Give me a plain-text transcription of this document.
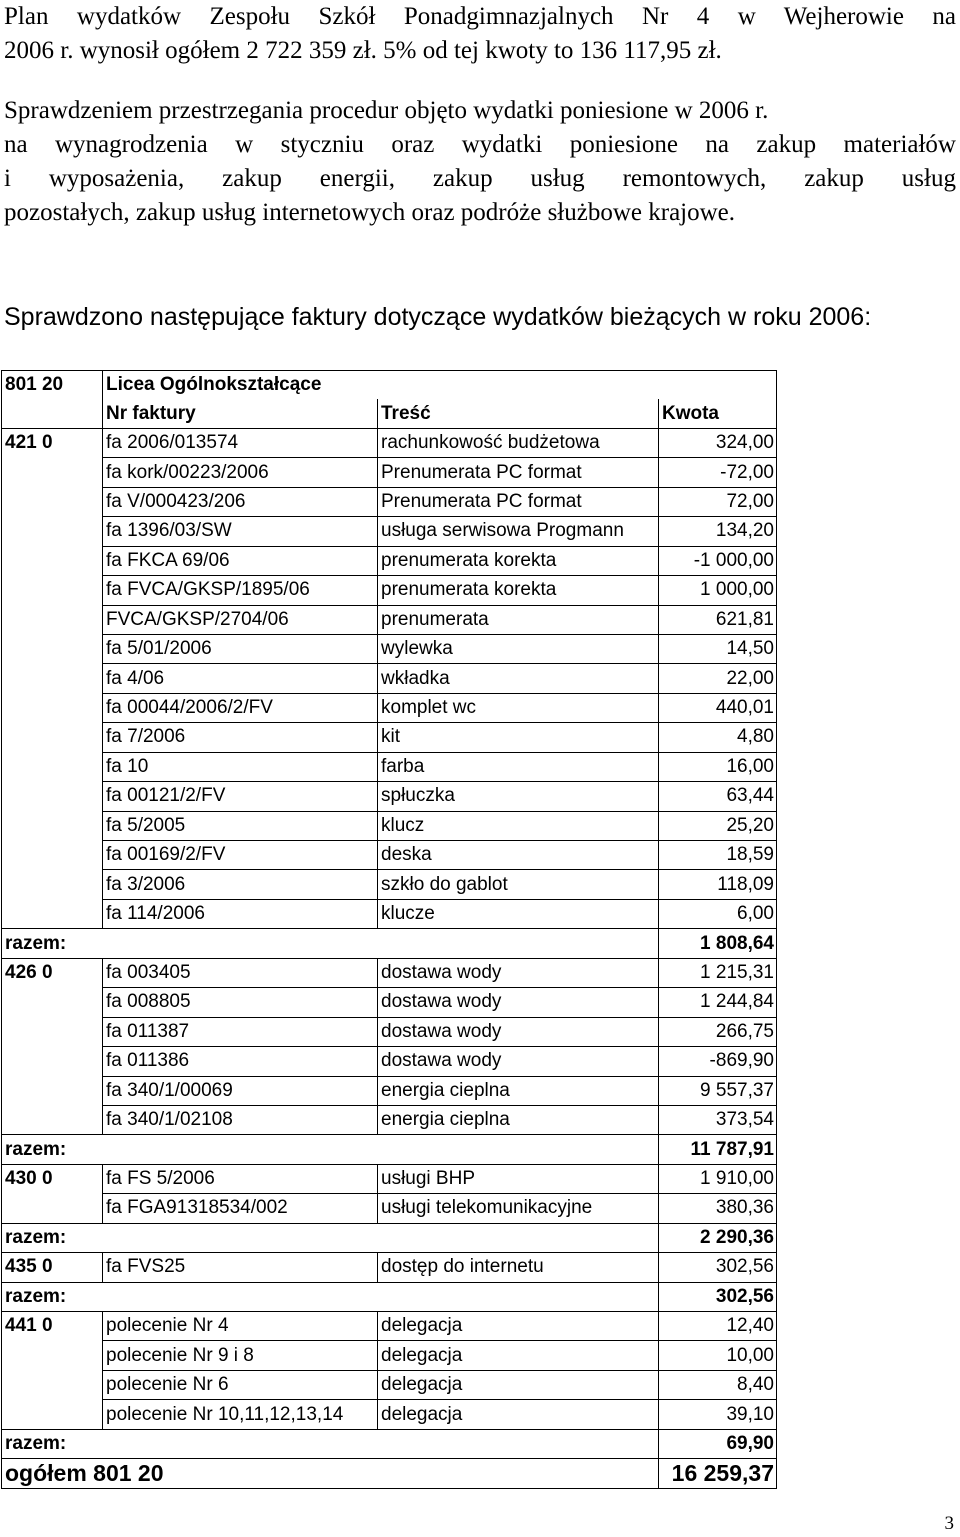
Plan wydatków Zespołu Szkół Ponadgimnazjalnych Nr 4 w Wejherowie na
2006 r. wynosił ogółem 2 722 359 zł. 5% od tej kwoty to 136 117,95 zł.
Sprawdzeniem przestrzegania procedur objęto wydatki poniesione w 2006 r.
na wynagrodzenia w styczniu oraz wydatki poniesione na zakup materiałów
i wyposażenia, zakup energii, zakup usług remontowych, zakup usług
pozostałych, zakup usług internetowych oraz podróże służbowe krajowe.
Sprawdzono następujące faktury dotyczące wydatków bieżących w roku 2006:
801 20	Licea Ogólnokształcące		
	Nr faktury	Treść	Kwota
421 0	fa 2006/013574	rachunkowość budżetowa	324,00
	fa kork/00223/2006	Prenumerata PC format	-72,00
	fa V/000423/206	Prenumerata PC format	72,00
	fa 1396/03/SW	usługa serwisowa Progmann	134,20
	fa FKCA 69/06	prenumerata korekta	-1 000,00
	fa FVCA/GKSP/1895/06	prenumerata korekta	1 000,00
	FVCA/GKSP/2704/06	prenumerata	621,81
	fa 5/01/2006	wylewka	14,50
	fa 4/06	wkładka	22,00
	fa 00044/2006/2/FV	komplet wc	440,01
	fa 7/2006	kit	4,80
	fa 10	farba	16,00
	fa 00121/2/FV	spłuczka	63,44
	fa 5/2005	klucz	25,20
	fa 00169/2/FV	deska	18,59
	fa 3/2006	szkło do gablot	118,09
	fa 114/2006	klucze	6,00
razem:			1 808,64
426 0	fa 003405	dostawa wody	1 215,31
	fa 008805	dostawa wody	1 244,84
	fa 011387	dostawa wody	266,75
	fa 011386	dostawa wody	-869,90
	fa 340/1/00069	energia cieplna	9 557,37
	fa 340/1/02108	energia cieplna	373,54
razem:			11 787,91
430 0	fa FS 5/2006	usługi BHP	1 910,00
	fa FGA91318534/002	usługi telekomunikacyjne	380,36
razem:			2 290,36
435 0	fa FVS25	dostęp do internetu	302,56
razem:			302,56
441 0	polecenie Nr 4	delegacja	12,40
	polecenie Nr 9 i 8	delegacja	10,00
	polecenie Nr 6	delegacja	8,40
	polecenie Nr 10,11,12,13,14	delegacja	39,10
razem:			69,90
ogółem 801 20			16 259,37
3
